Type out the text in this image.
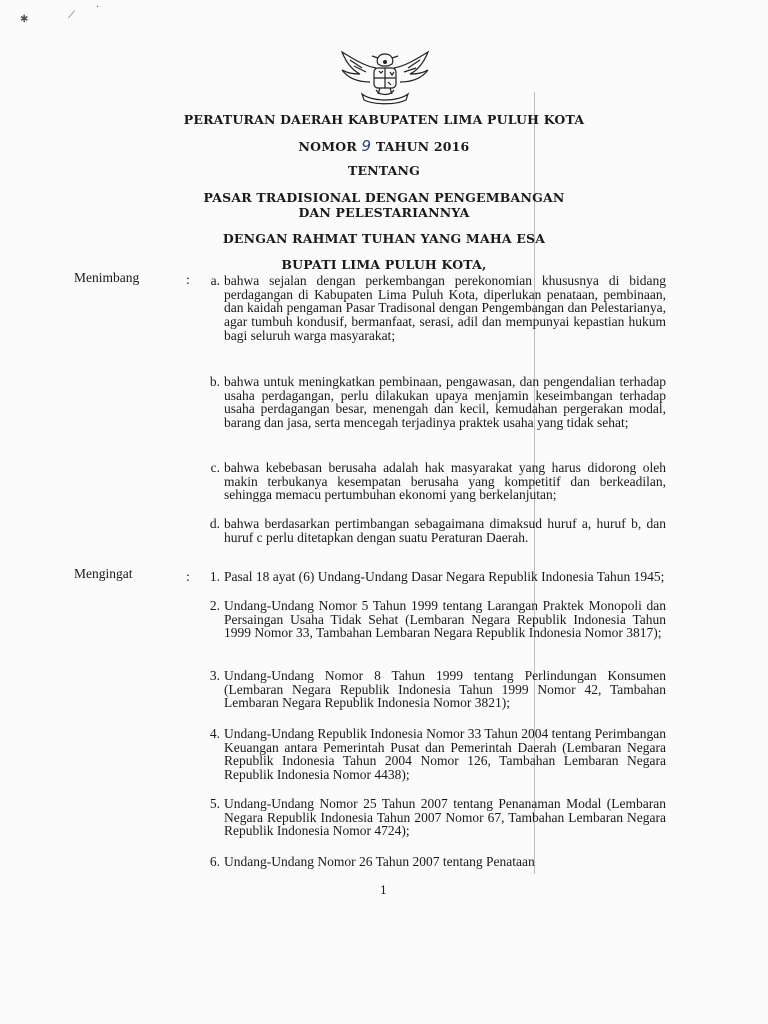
✱	⟋
·
PERATURAN DAERAH KABUPATEN LIMA PULUH KOTA
NOMOR 9 TAHUN 2016
TENTANG
PASAR TRADISIONAL DENGAN PENGEMBANGAN
DAN PELESTARIANNYA
DENGAN RAHMAT TUHAN YANG MAHA ESA
BUPATI LIMA PULUH KOTA,
Menimbang	:	a. bahwa sejalan dengan perkembangan perekonomian khususnya di bidang perdagangan di Kabupaten Lima Puluh Kota, diperlukan penataan, pembinaan, dan kaidah pengaman Pasar Tradisonal dengan Pengembangan dan Pelestarianya, agar tumbuh kondusif, bermanfaat, serasi, adil dan mempunyai kepastian hukum bagi seluruh warga masyarakat;
b. bahwa untuk meningkatkan pembinaan, pengawasan, dan pengendalian terhadap usaha perdagangan, perlu dilakukan upaya menjamin keseimbangan terhadap usaha perdagangan besar, menengah dan kecil, kemudahan pergerakan modal, barang dan jasa, serta mencegah terjadinya praktek usaha yang tidak sehat;
c. bahwa kebebasan berusaha adalah hak masyarakat yang harus didorong oleh makin terbukanya kesempatan berusaha yang kompetitif dan berkeadilan, sehingga memacu pertumbuhan ekonomi yang berkelanjutan;
d. bahwa berdasarkan pertimbangan sebagaimana dimaksud huruf a, huruf b, dan huruf c perlu ditetapkan dengan suatu Peraturan Daerah.
Mengingat	:	1. Pasal 18 ayat (6) Undang-Undang Dasar Negara Republik Indonesia Tahun 1945;
2. Undang-Undang Nomor 5 Tahun 1999 tentang Larangan Praktek Monopoli dan Persaingan Usaha Tidak Sehat (Lembaran Negara Republik Indonesia Tahun 1999 Nomor 33, Tambahan Lembaran Negara Republik Indonesia Nomor 3817);
3. Undang-Undang Nomor 8 Tahun 1999 tentang Perlindungan Konsumen (Lembaran Negara Republik Indonesia Tahun 1999 Nomor 42, Tambahan Lembaran Negara Republik Indonesia Nomor 3821);
4. Undang-Undang Republik Indonesia Nomor 33 Tahun 2004 tentang Perimbangan Keuangan antara Pemerintah Pusat dan Pemerintah Daerah (Lembaran Negara Republik Indonesia Tahun 2004 Nomor 126, Tambahan Lembaran Negara Republik Indonesia Nomor 4438);
5. Undang-Undang Nomor 25 Tahun 2007 tentang Penanaman Modal (Lembaran Negara Republik Indonesia Tahun 2007 Nomor 67, Tambahan Lembaran Negara Republik Indonesia Nomor 4724);
6. Undang-Undang Nomor 26 Tahun 2007 tentang Penataan
1
